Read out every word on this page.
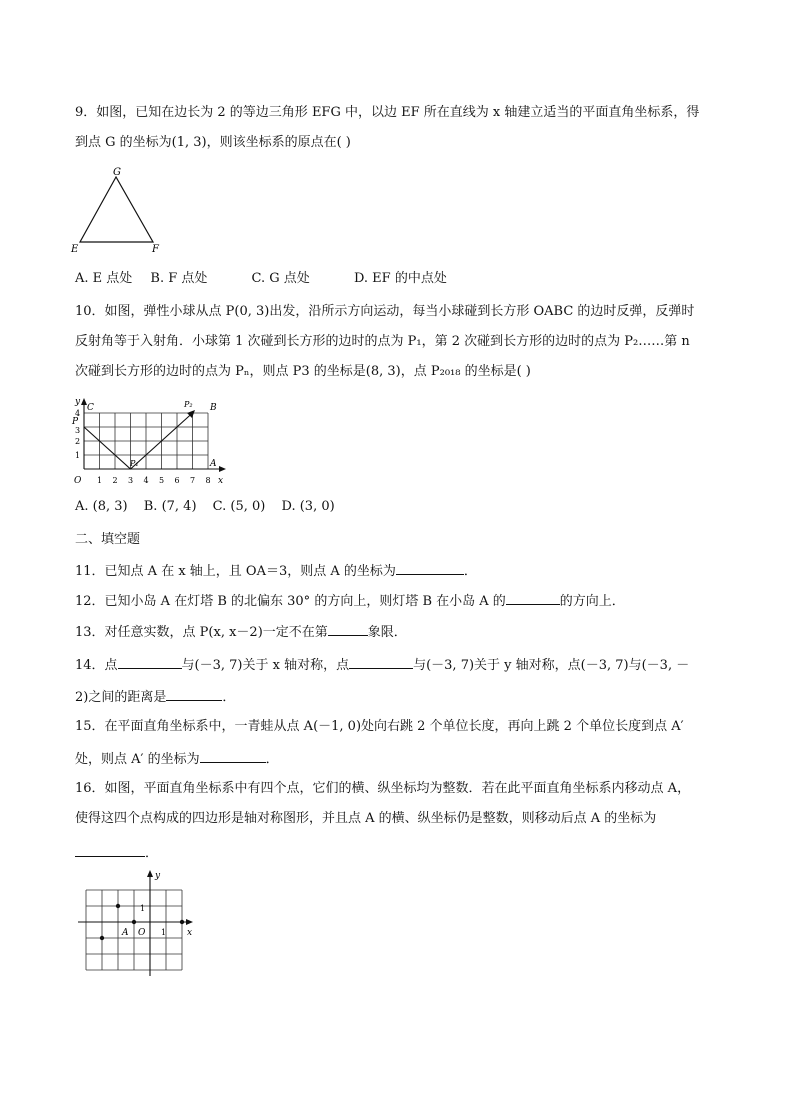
9．如图，已知在边长为 2 的等边三角形 EFG 中，以边 EF 所在直线为 x 轴建立适当的平面直角坐标系，得
到点 G 的坐标为(1, 3)，则该坐标系的原点在( )
G
E	F
A. E 点处 B. F 点处	C. G 点处	D. EF 的中点处
10．如图，弹性小球从点 P(0, 3)出发，沿所示方向运动，每当小球碰到长方形 OABC 的边时反弹，反弹时
反射角等于入射角．小球第 1 次碰到长方形的边时的点为 P₁，第 2 次碰到长方形的边时的点为 P₂……第 n
次碰到长方形的边时的点为 Pₙ，则点 P3 的坐标是(8, 3)，点 P₂₀₁₈ 的坐标是( )
y
x
O
C	B
A
P
P₁
P₂
1 2 3 4 5 6 7 8
1
2
3
4
A. (8, 3) B. (7, 4) C. (5, 0) D. (3, 0)
二、填空题
11．已知点 A 在 x 轴上，且 OA＝3，则点 A 的坐标为	．
12．已知小岛 A 在灯塔 B 的北偏东 30° 的方向上，则灯塔 B 在小岛 A 的	的方向上．
13．对任意实数，点 P(x, x－2)一定不在第	象限．
14．点	与(－3, 7)关于 x 轴对称，点	与(－3, 7)关于 y 轴对称，点(－3, 7)与(－3, －
2)之间的距离是	．
15．在平面直角坐标系中，一青蛙从点 A(－1, 0)处向右跳 2 个单位长度，再向上跳 2 个单位长度到点 A′
处，则点 A′ 的坐标为	．
16．如图，平面直角坐标系中有四个点，它们的横、纵坐标均为整数．若在此平面直角坐标系内移动点 A，
使得这四个点构成的四边形是轴对称图形，并且点 A 的横、纵坐标仍是整数，则移动后点 A 的坐标为
．
y
x
O
A	1
1
